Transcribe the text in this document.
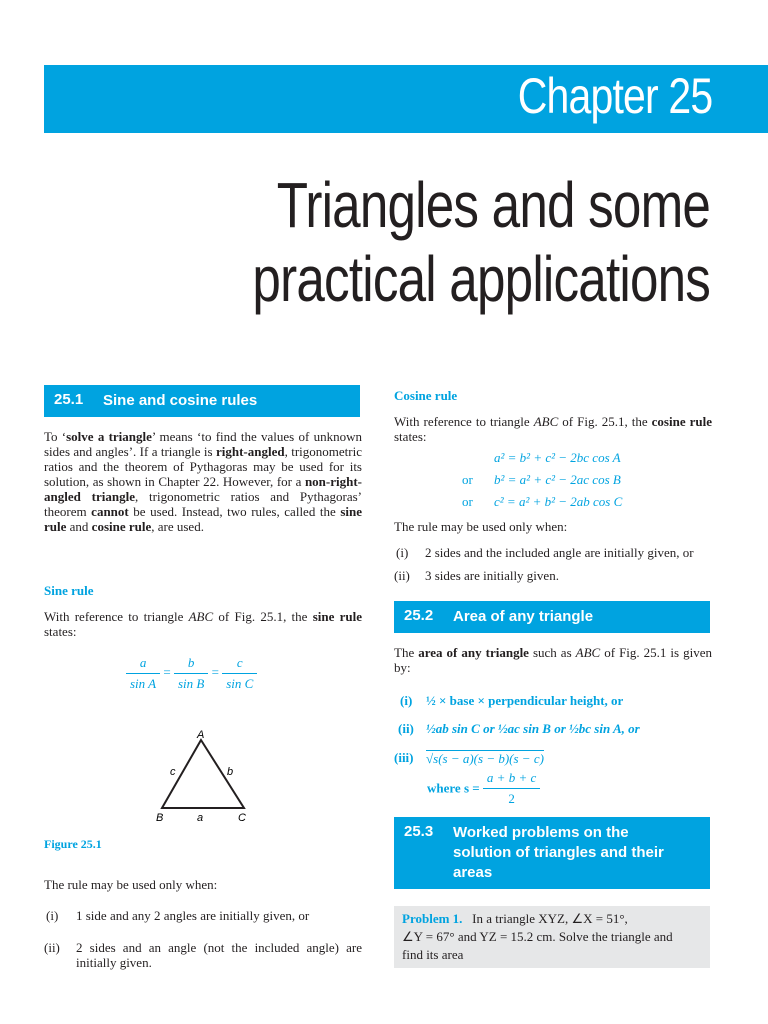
Chapter 25
Triangles and some
practical applications
25.1 Sine and cosine rules
To ‘solve a triangle’ means ‘to find the values of unknown sides and angles’. If a triangle is right-angled, trigonometric ratios and the theorem of Pythagoras may be used for its solution, as shown in Chapter 22. However, for a non-right-angled triangle, trigonometric ratios and Pythagoras’ theorem cannot be used. Instead, two rules, called the sine rule and cosine rule, are used.
Sine rule
With reference to triangle ABC of Fig. 25.1, the sine rule states:
$\frac{a}{\text{sin A}} = \frac{b}{\text{sin B}} = \frac{c}{\text{sin C}}$
A
B	C
a
b
c
Figure 25.1
The rule may be used only when:
(i) 1 side and any 2 angles are initially given, or
(ii) 2 sides and an angle (not the included angle) are initially given.
Cosine rule
With reference to triangle ABC of Fig. 25.1, the cosine rule states:
a² = b² + c² − 2bc cos A
or b² = a² + c² − 2ac cos B
or c² = a² + b² − 2ab cos C
The rule may be used only when:
(i) 2 sides and the included angle are initially given, or
(ii) 3 sides are initially given.
25.2 Area of any triangle
The area of any triangle such as ABC of Fig. 25.1 is given by:
(i) ½ × base × perpendicular height, or
(ii) ½ab sin C or ½ac sin B or ½bc sin A, or
(iii) √s(s − a)(s − b)(s − c)
where $s = \frac{a + b + c}{2}$
25.3 Worked problems on the
solution of triangles and their
areas
Problem 1. In a triangle XYZ, ∠X = 51°,
∠Y = 67° and YZ = 15.2 cm. Solve the triangle and
find its area
